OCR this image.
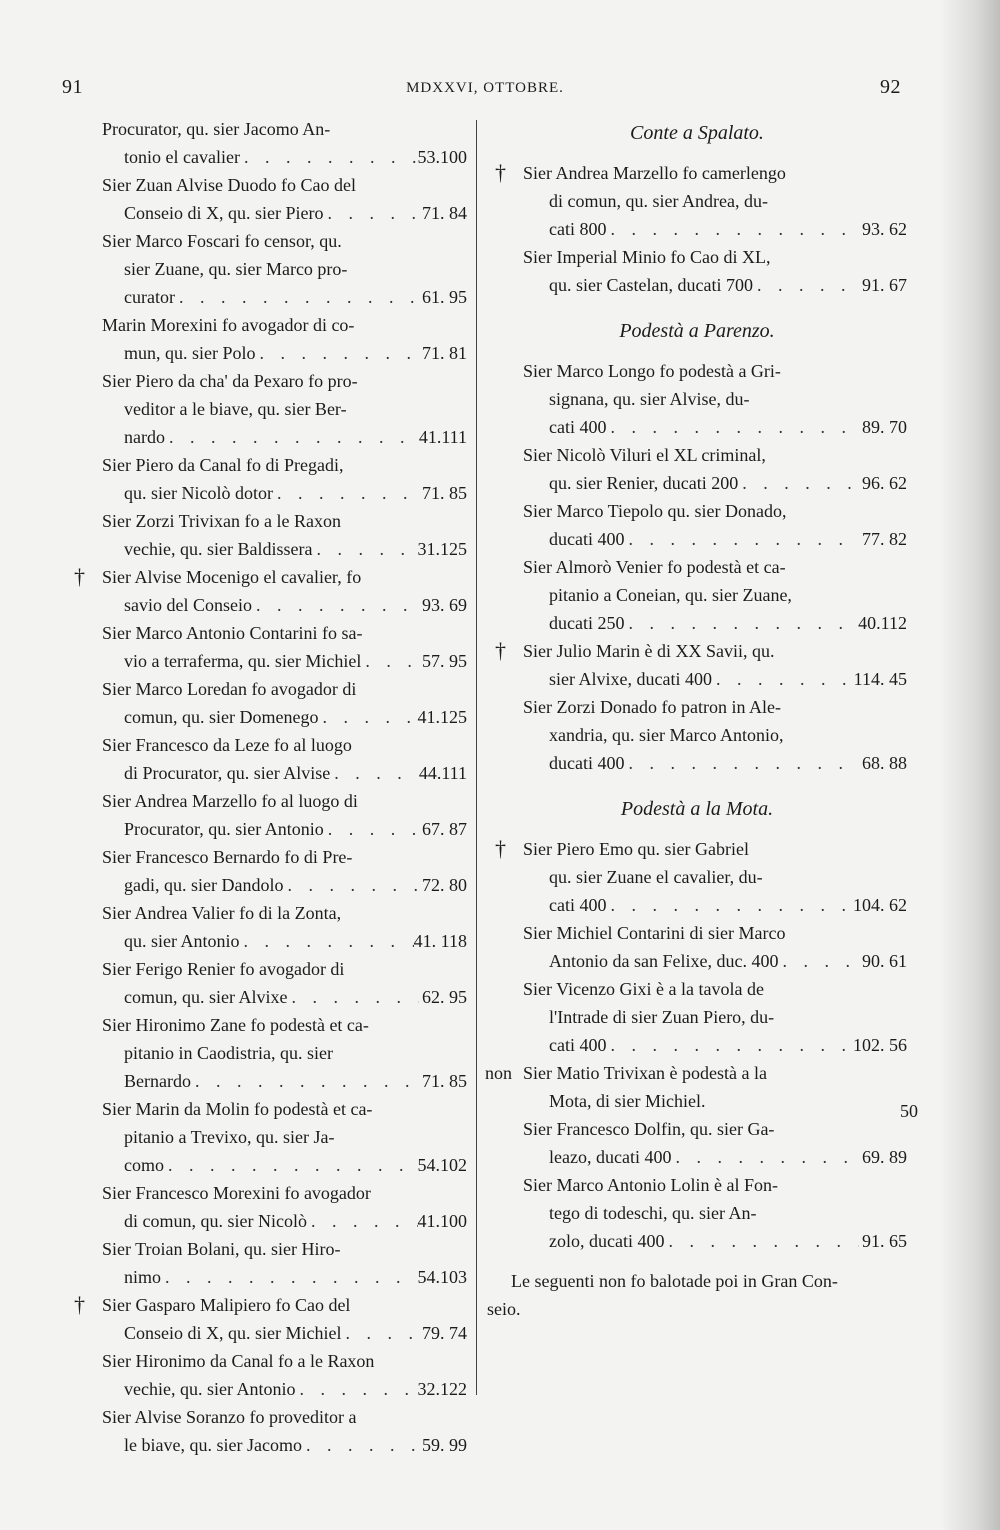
91	MDXXVI, OTTOBRE.	92
Procurator, qu. sier Jacomo An-
tonio el cavalier . . .	53.100
Sier Zuan Alvise Duodo fo Cao del
Conseio di X, qu. sier Piero . . .	71. 84
Sier Marco Foscari fo censor, qu.
sier Zuane, qu. sier Marco pro-
curator . . .	61. 95
Marin Morexini fo avogador di co-
mun, qu. sier Polo . . .	71. 81
Sier Piero da cha' da Pexaro fo pro-
veditor a le biave, qu. sier Ber-
nardo . . .	41.111
Sier Piero da Canal fo di Pregadi,
qu. sier Nicolò dotor . . .	71. 85
Sier Zorzi Trivixan fo a le Raxon
vechie, qu. sier Baldissera . . .	31.125
† Sier Alvise Mocenigo el cavalier, fo
savio del Conseio . . .	93. 69
Sier Marco Antonio Contarini fo sa-
vio a terraferma, qu. sier Michiel . . .	57. 95
Sier Marco Loredan fo avogador di
comun, qu. sier Domenego . . .	41.125
Sier Francesco da Leze fo al luogo
di Procurator, qu. sier Alvise . . .	44.111
Sier Andrea Marzello fo al luogo di
Procurator, qu. sier Antonio . . .	67. 87
Sier Francesco Bernardo fo di Pre-
gadi, qu. sier Dandolo . . .	72. 80
Sier Andrea Valier fo di la Zonta,
qu. sier Antonio . . .	41. 118
Sier Ferigo Renier fo avogador di
comun, qu. sier Alvixe . . .	62. 95
Sier Hironimo Zane fo podestà et ca-
pitanio in Caodistria, qu. sier
Bernardo . . .	71. 85
Sier Marin da Molin fo podestà et ca-
pitanio a Trevixo, qu. sier Ja-
como . . .	54.102
Sier Francesco Morexini fo avogador
di comun, qu. sier Nicolò . . .	41.100
Sier Troian Bolani, qu. sier Hiro-
nimo . . .	54.103
† Sier Gasparo Malipiero fo Cao del
Conseio di X, qu. sier Michiel . . .	79. 74
Sier Hironimo da Canal fo a le Raxon
vechie, qu. sier Antonio . . .	32.122
Sier Alvise Soranzo fo proveditor a
le biave, qu. sier Jacomo . . .	59. 99
Conte a Spalato.
† Sier Andrea Marzello fo camerlengo
di comun, qu. sier Andrea, du-
cati 800 . . .	93. 62
Sier Imperial Minio fo Cao di XL,
qu. sier Castelan, ducati 700 . . .	91. 67
Podestà a Parenzo.
Sier Marco Longo fo podestà a Gri-
signana, qu. sier Alvise, du-
cati 400 . . .	89. 70
Sier Nicolò Viluri el XL criminal,
qu. sier Renier, ducati 200 . . .	96. 62
Sier Marco Tiepolo qu. sier Donado,
ducati 400 . . .	77. 82
Sier Almorò Venier fo podestà et ca-
pitanio a Coneian, qu. sier Zuane,
ducati 250 . . .	40.112
† Sier Julio Marin è di XX Savii, qu.
sier Alvixe, ducati 400 . . .	114. 45
Sier Zorzi Donado fo patron in Ale-
xandria, qu. sier Marco Antonio,
ducati 400 . . .	68. 88
Podestà a la Mota.
† Sier Piero Emo qu. sier Gabriel
qu. sier Zuane el cavalier, du-
cati 400 . . .	104. 62
Sier Michiel Contarini di sier Marco
Antonio da san Felixe, duc. 400 . . .	90. 61
Sier Vicenzo Gixi è a la tavola de
l'Intrade di sier Zuan Piero, du-
cati 400 . . .	102. 56
non Sier Matio Trivixan è podestà a la
Mota, di sier Michiel.
Sier Francesco Dolfin, qu. sier Ga-
leazo, ducati 400 . . .	69. 89
Sier Marco Antonio Lolin è al Fon-
tego di todeschi, qu. sier An-
zolo, ducati 400 . . .	91. 65
Le seguenti non fo balotade poi in Gran Con-
seio.
50
